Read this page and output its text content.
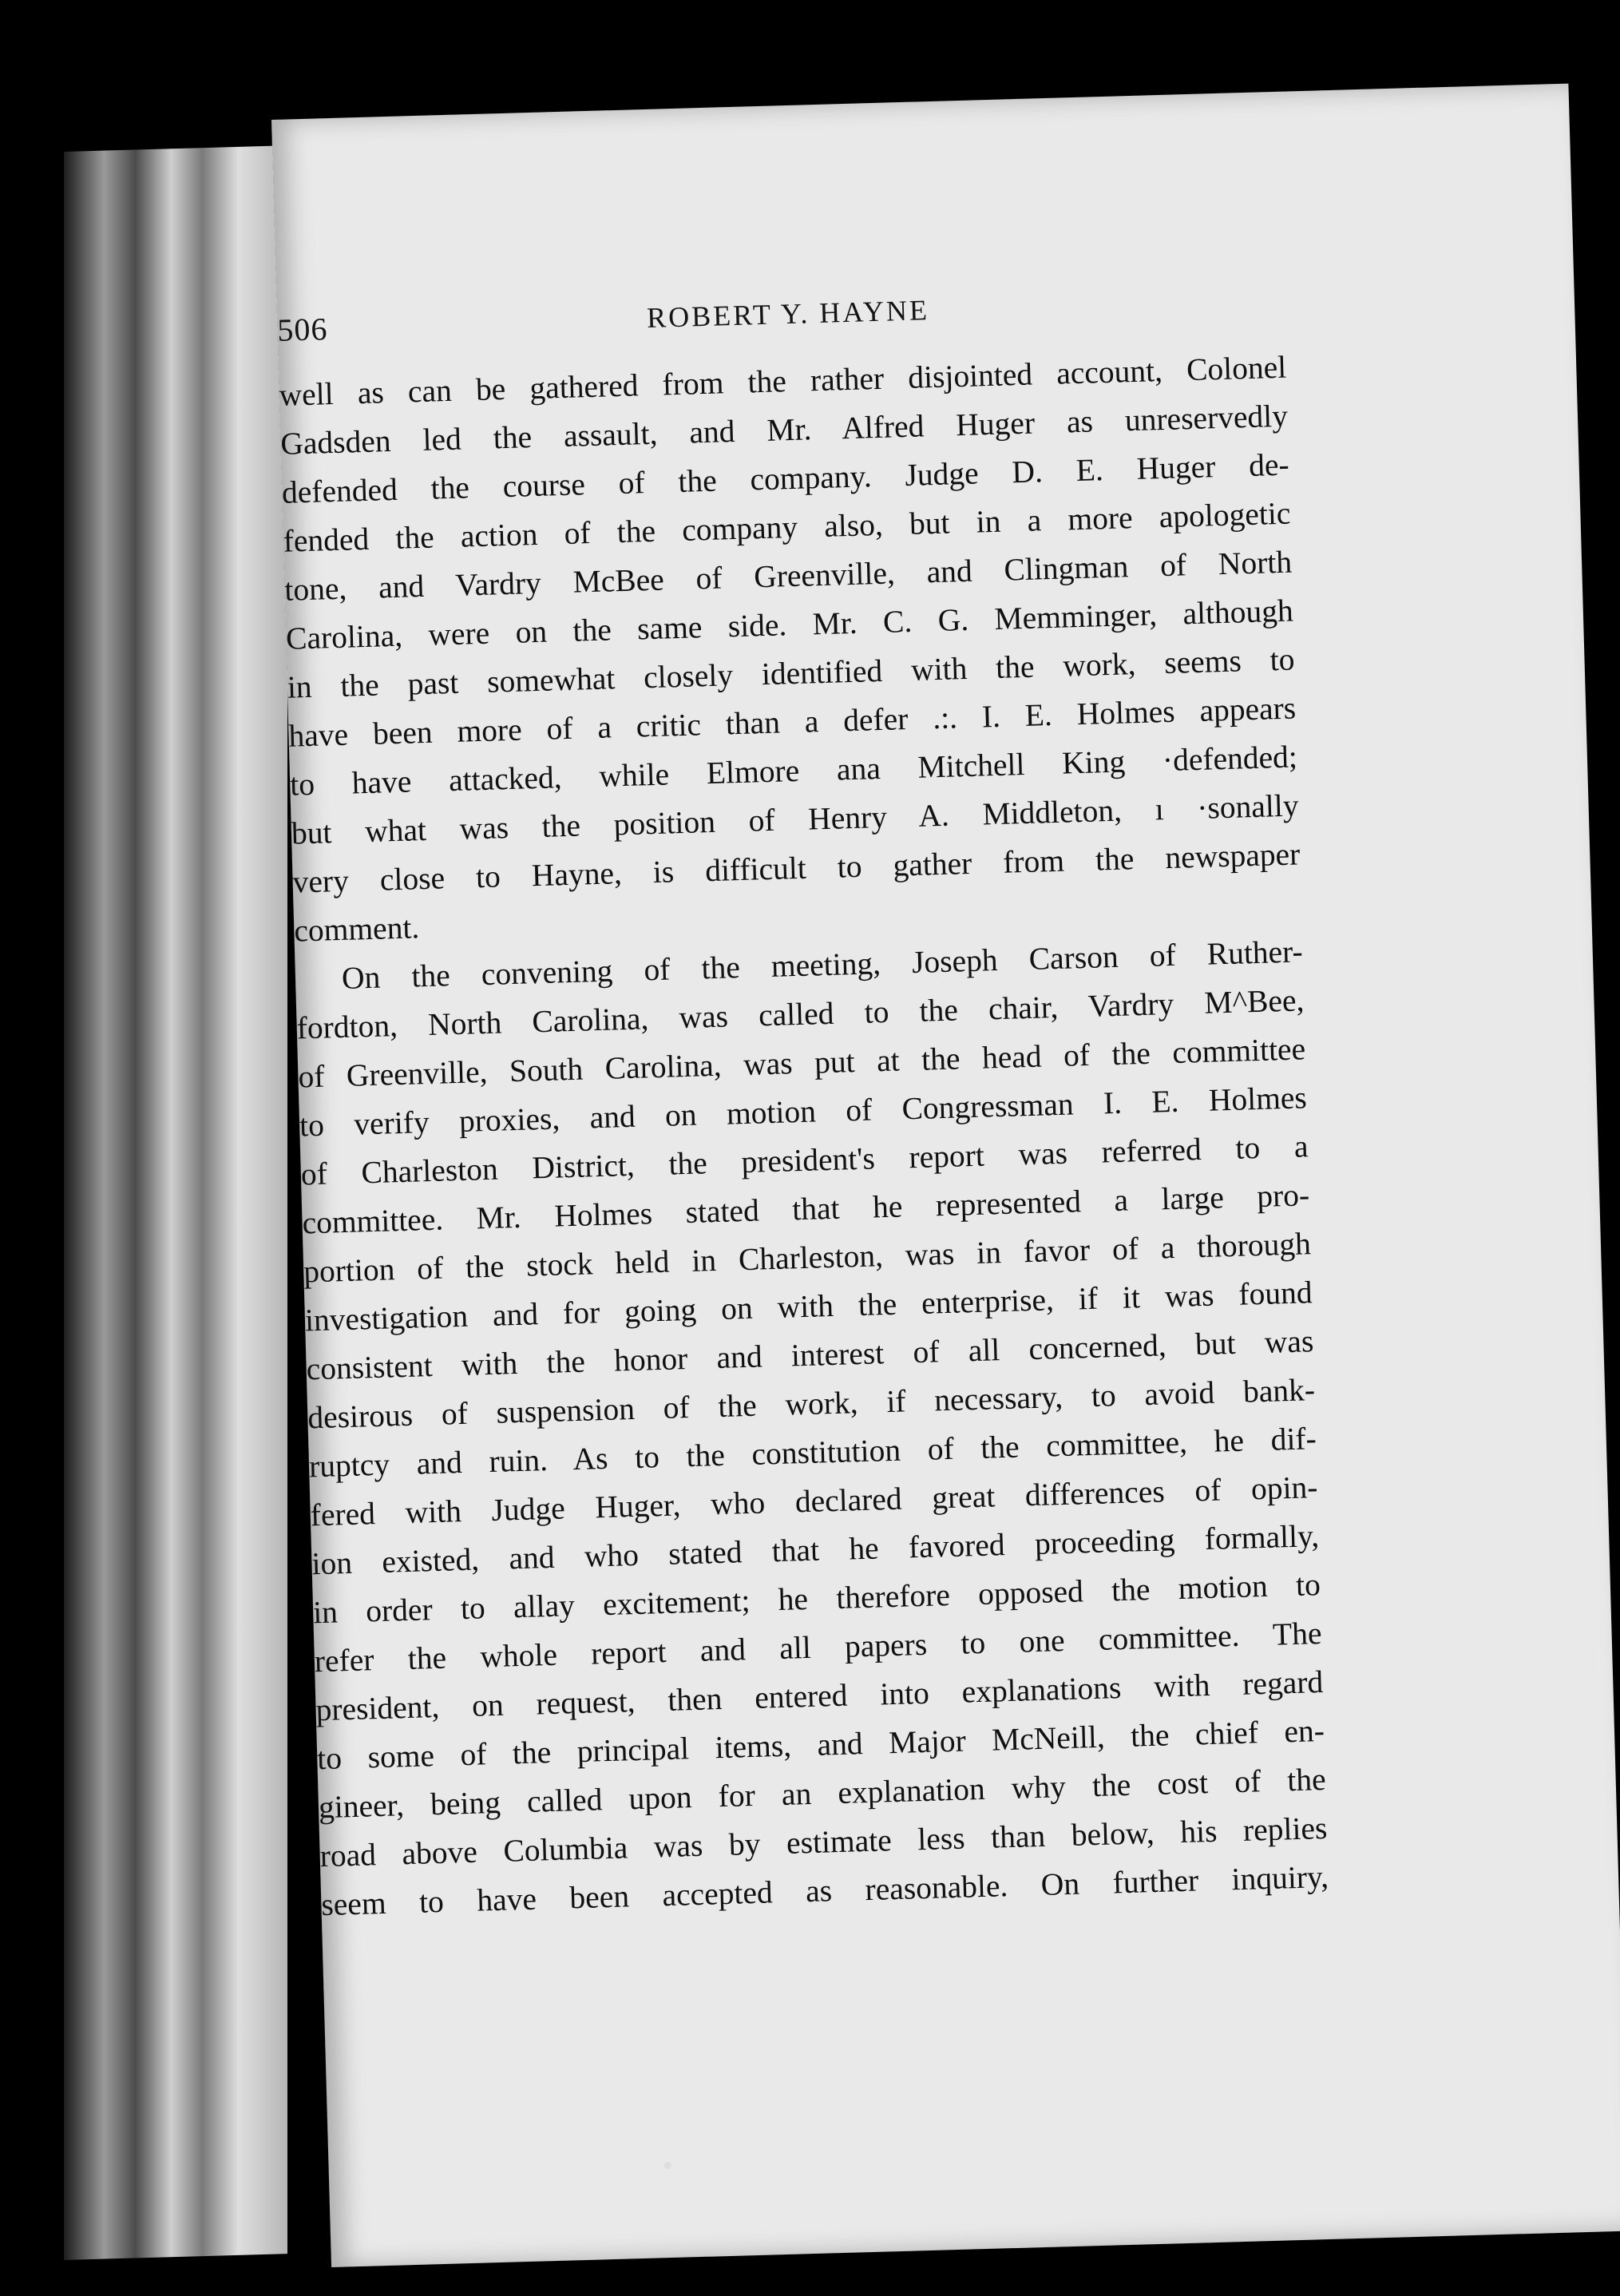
506	ROBERT Y. HAYNE
well as can be gathered from the rather disjointed account, Colonel
Gadsden led the assault, and Mr. Alfred Huger as unreservedly
defended the course of the company. Judge D. E. Huger de-
fended the action of the company also, but in a more apologetic
tone, and Vardry McBee of Greenville, and Clingman of North
Carolina, were on the same side. Mr. C. G. Memminger, although
in the past somewhat closely identified with the work, seems to
have been more of a critic than a defer .:. I. E. Holmes appears
to have attacked, while Elmore ana Mitchell King ·defended;
but what was the position of Henry A. Middleton, ı ·sonally
very close to Hayne, is difficult to gather from the newspaper
comment.
On the convening of the meeting, Joseph Carson of Ruther-
fordton, North Carolina, was called to the chair, Vardry M^Bee,
of Greenville, South Carolina, was put at the head of the committee
to verify proxies, and on motion of Congressman I. E. Holmes
of Charleston District, the president's report was referred to a
committee. Mr. Holmes stated that he represented a large pro-
portion of the stock held in Charleston, was in favor of a thorough
investigation and for going on with the enterprise, if it was found
consistent with the honor and interest of all concerned, but was
desirous of suspension of the work, if necessary, to avoid bank-
ruptcy and ruin. As to the constitution of the committee, he dif-
fered with Judge Huger, who declared great differences of opin-
ion existed, and who stated that he favored proceeding formally,
in order to allay excitement; he therefore opposed the motion to
refer the whole report and all papers to one committee. The
president, on request, then entered into explanations with regard
to some of the principal items, and Major McNeill, the chief en-
gineer, being called upon for an explanation why the cost of the
road above Columbia was by estimate less than below, his replies
seem to have been accepted as reasonable. On further inquiry,
